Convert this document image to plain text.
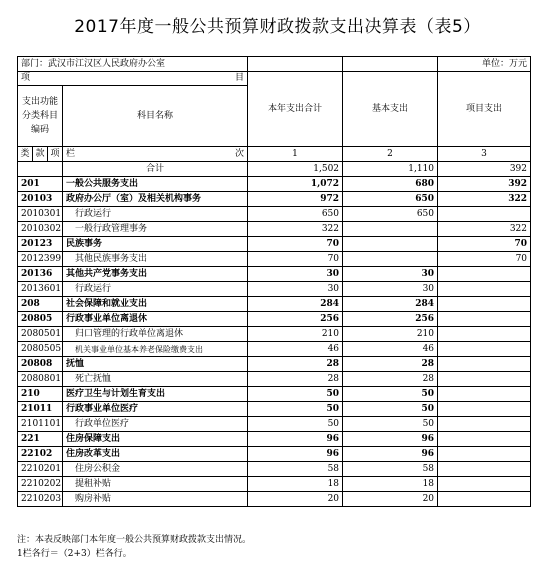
2017年度一般公共预算财政拨款支出决算表（表5）
部门：武汉市江汉区人民政府办公室						单位：万元
项 目				本年支出合计	基本支出	项目支出

支出功能
分类科目
编码			科目名称			
类	款	项				
			栏 次	1	2	3
			合计	1,502	1,110	392
201			一般公共服务支出	1,072	680	392
20103			政府办公厅（室）及相关机构事务	972	650	322
2010301			行政运行	650	650	
2010302			一般行政管理事务	322		322
20123			民族事务	70		70
2012399			其他民族事务支出	70		70
20136			其他共产党事务支出	30	30	
2013601			行政运行	30	30	
208			社会保障和就业支出	284	284	
20805			行政事业单位离退休	256	256	
2080501			归口管理的行政单位离退休	210	210	
2080505			机关事业单位基本养老保险缴费支出	46	46	
20808			抚恤	28	28	
2080801			死亡抚恤	28	28	
210			医疗卫生与计划生育支出	50	50	
21011			行政事业单位医疗	50	50	
2101101			行政单位医疗	50	50	
221			住房保障支出	96	96	
22102			住房改革支出	96	96	
2210201			住房公积金	58	58	
2210202			提租补贴	18	18	
2210203			购房补贴	20	20	
注：本表反映部门本年度一般公共预算财政拨款支出情况。
1栏各行＝（2+3）栏各行。
